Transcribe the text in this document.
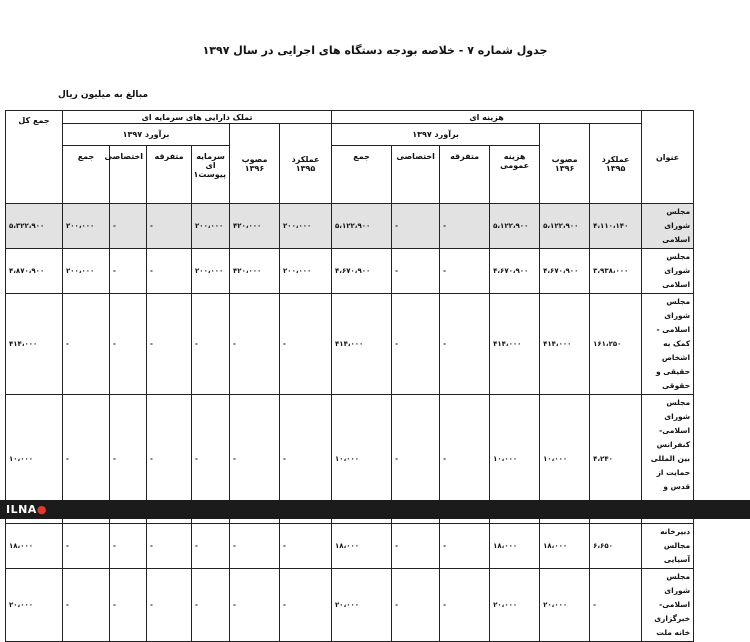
جدول شماره ۷ - خلاصه بودجه دستگاه های اجرایی در سال ۱۳۹۷
مبالغ به میلیون ریال
عنوان	هزینه ای						تملک دارایی های سرمایه ای						جمع کل
	عملکرد ۱۳۹۵	مصوب ۱۳۹۶	برآورد ۱۳۹۷				عملکرد ۱۳۹۵	مصوب ۱۳۹۶	برآورد ۱۳۹۷				
			هزینه عمومی	متفرقه	اختصاصی	جمع			سرمایه ای پیوست۱	متفرقه	اختصاصی	جمع	
مجلس شورای اسلامی	۴،۱۱۰،۱۴۰	۵،۱۲۲،۹۰۰	۵،۱۲۲،۹۰۰	-	-	۵،۱۲۲،۹۰۰	۲۰۰،۰۰۰	۴۲۰،۰۰۰	۲۰۰،۰۰۰	-	-	۲۰۰،۰۰۰	۵،۳۲۲،۹۰۰
مجلس شورای اسلامی	۳،۹۳۸،۰۰۰	۴،۶۷۰،۹۰۰	۴،۶۷۰،۹۰۰	-	-	۴،۶۷۰،۹۰۰	۲۰۰،۰۰۰	۴۲۰،۰۰۰	۲۰۰،۰۰۰	-	-	۲۰۰،۰۰۰	۴،۸۷۰،۹۰۰
مجلس شورای اسلامی - کمک به اشخاص حقیقی و حقوقی	۱۶۱،۲۵۰	۴۱۴،۰۰۰	۴۱۴،۰۰۰	-	-	۴۱۴،۰۰۰	-	-	-	-	-	-	۴۱۴،۰۰۰
مجلس شورای اسلامی-کنفرانس بین المللی حمایت از قدس و	۴،۲۴۰	۱۰،۰۰۰	۱۰،۰۰۰	-	-	۱۰،۰۰۰	-	-	-	-	-	-	۱۰،۰۰۰
دبیرخانه مجالس آسیایی	۶،۶۵۰	۱۸،۰۰۰	۱۸،۰۰۰	-	-	۱۸،۰۰۰	-	-	-	-	-	-	۱۸،۰۰۰
مجلس شورای اسلامی-خبرگزاری خانه ملت	-	۲۰،۰۰۰	۲۰،۰۰۰	-	-	۲۰،۰۰۰	-	-	-	-	-	-	۲۰،۰۰۰
ILNA●
